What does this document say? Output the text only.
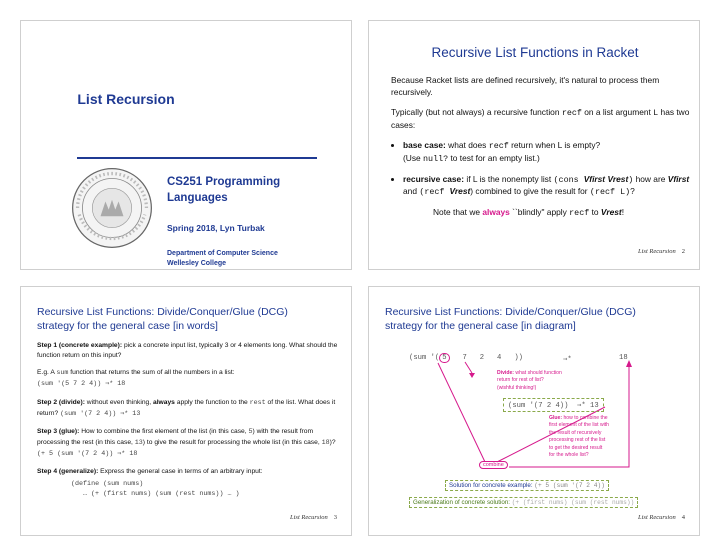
List Recursion
CS251 Programming
Languages
Spring 2018, Lyn Turbak
Department of Computer Science
Wellesley College
Recursive List Functions in Racket

Because Racket lists are defined recursively, it's natural to process them recursively.

Typically (but not always) a recursive function recf on a list argument L has two cases:

• base case: what does recf return when L is empty?
(Use null? to test for an empty list.)
• recursive case: if L is the nonempty list (cons Vfirst Vrest) how are Vfirst and (recf Vrest) combined to give the result for (recf L)?
Note that we always ``blindly" apply recf to Vrest!
List Recursion 2
Recursive List Functions: Divide/Conquer/Glue (DCG)
strategy for the general case [in words]

Step 1 (concrete example): pick a concrete input list, typically 3 or 4 elements long. What should the function return on this input?

E.g. A sum function that returns the sum of all the numbers in a list:
(sum '(5 7 2 4)) ⇒* 18

Step 2 (divide): without even thinking, always apply the function to the rest of the list. What does it return? (sum '(7 2 4)) ⇒* 13

Step 3 (glue): How to combine the first element of the list (in this case, 5) with the result from processing the rest (in this case, 13) to give the result for processing the whole list (in this case, 18)? (+ 5 (sum '(7 2 4)) ⇒* 18

Step 4 (generalize): Express the general case in terms of an arbitrary input:

(define (sum nums)
… (+ (first nums) (sum (rest nums)) … )
List Recursion 3
Recursive List Functions: Divide/Conquer/Glue (DCG)
strategy for the general case [in diagram]
(sum '( 5 7 2 4 ))	⇒*	18
Divide: what should function
return for rest of list?
(wishful thinking!)
(sum '(7 2 4)) ⇒* 13
Glue: how to combine the
first element of the list with
the result of recursively
processing rest of the list
to get the desired result
for the whole list?
combine
Solution for concrete example: (+ 5 (sum '(7 2 4))
Generalization of concrete solution: (+ (first nums) (sum (rest nums))
List Recursion 4
